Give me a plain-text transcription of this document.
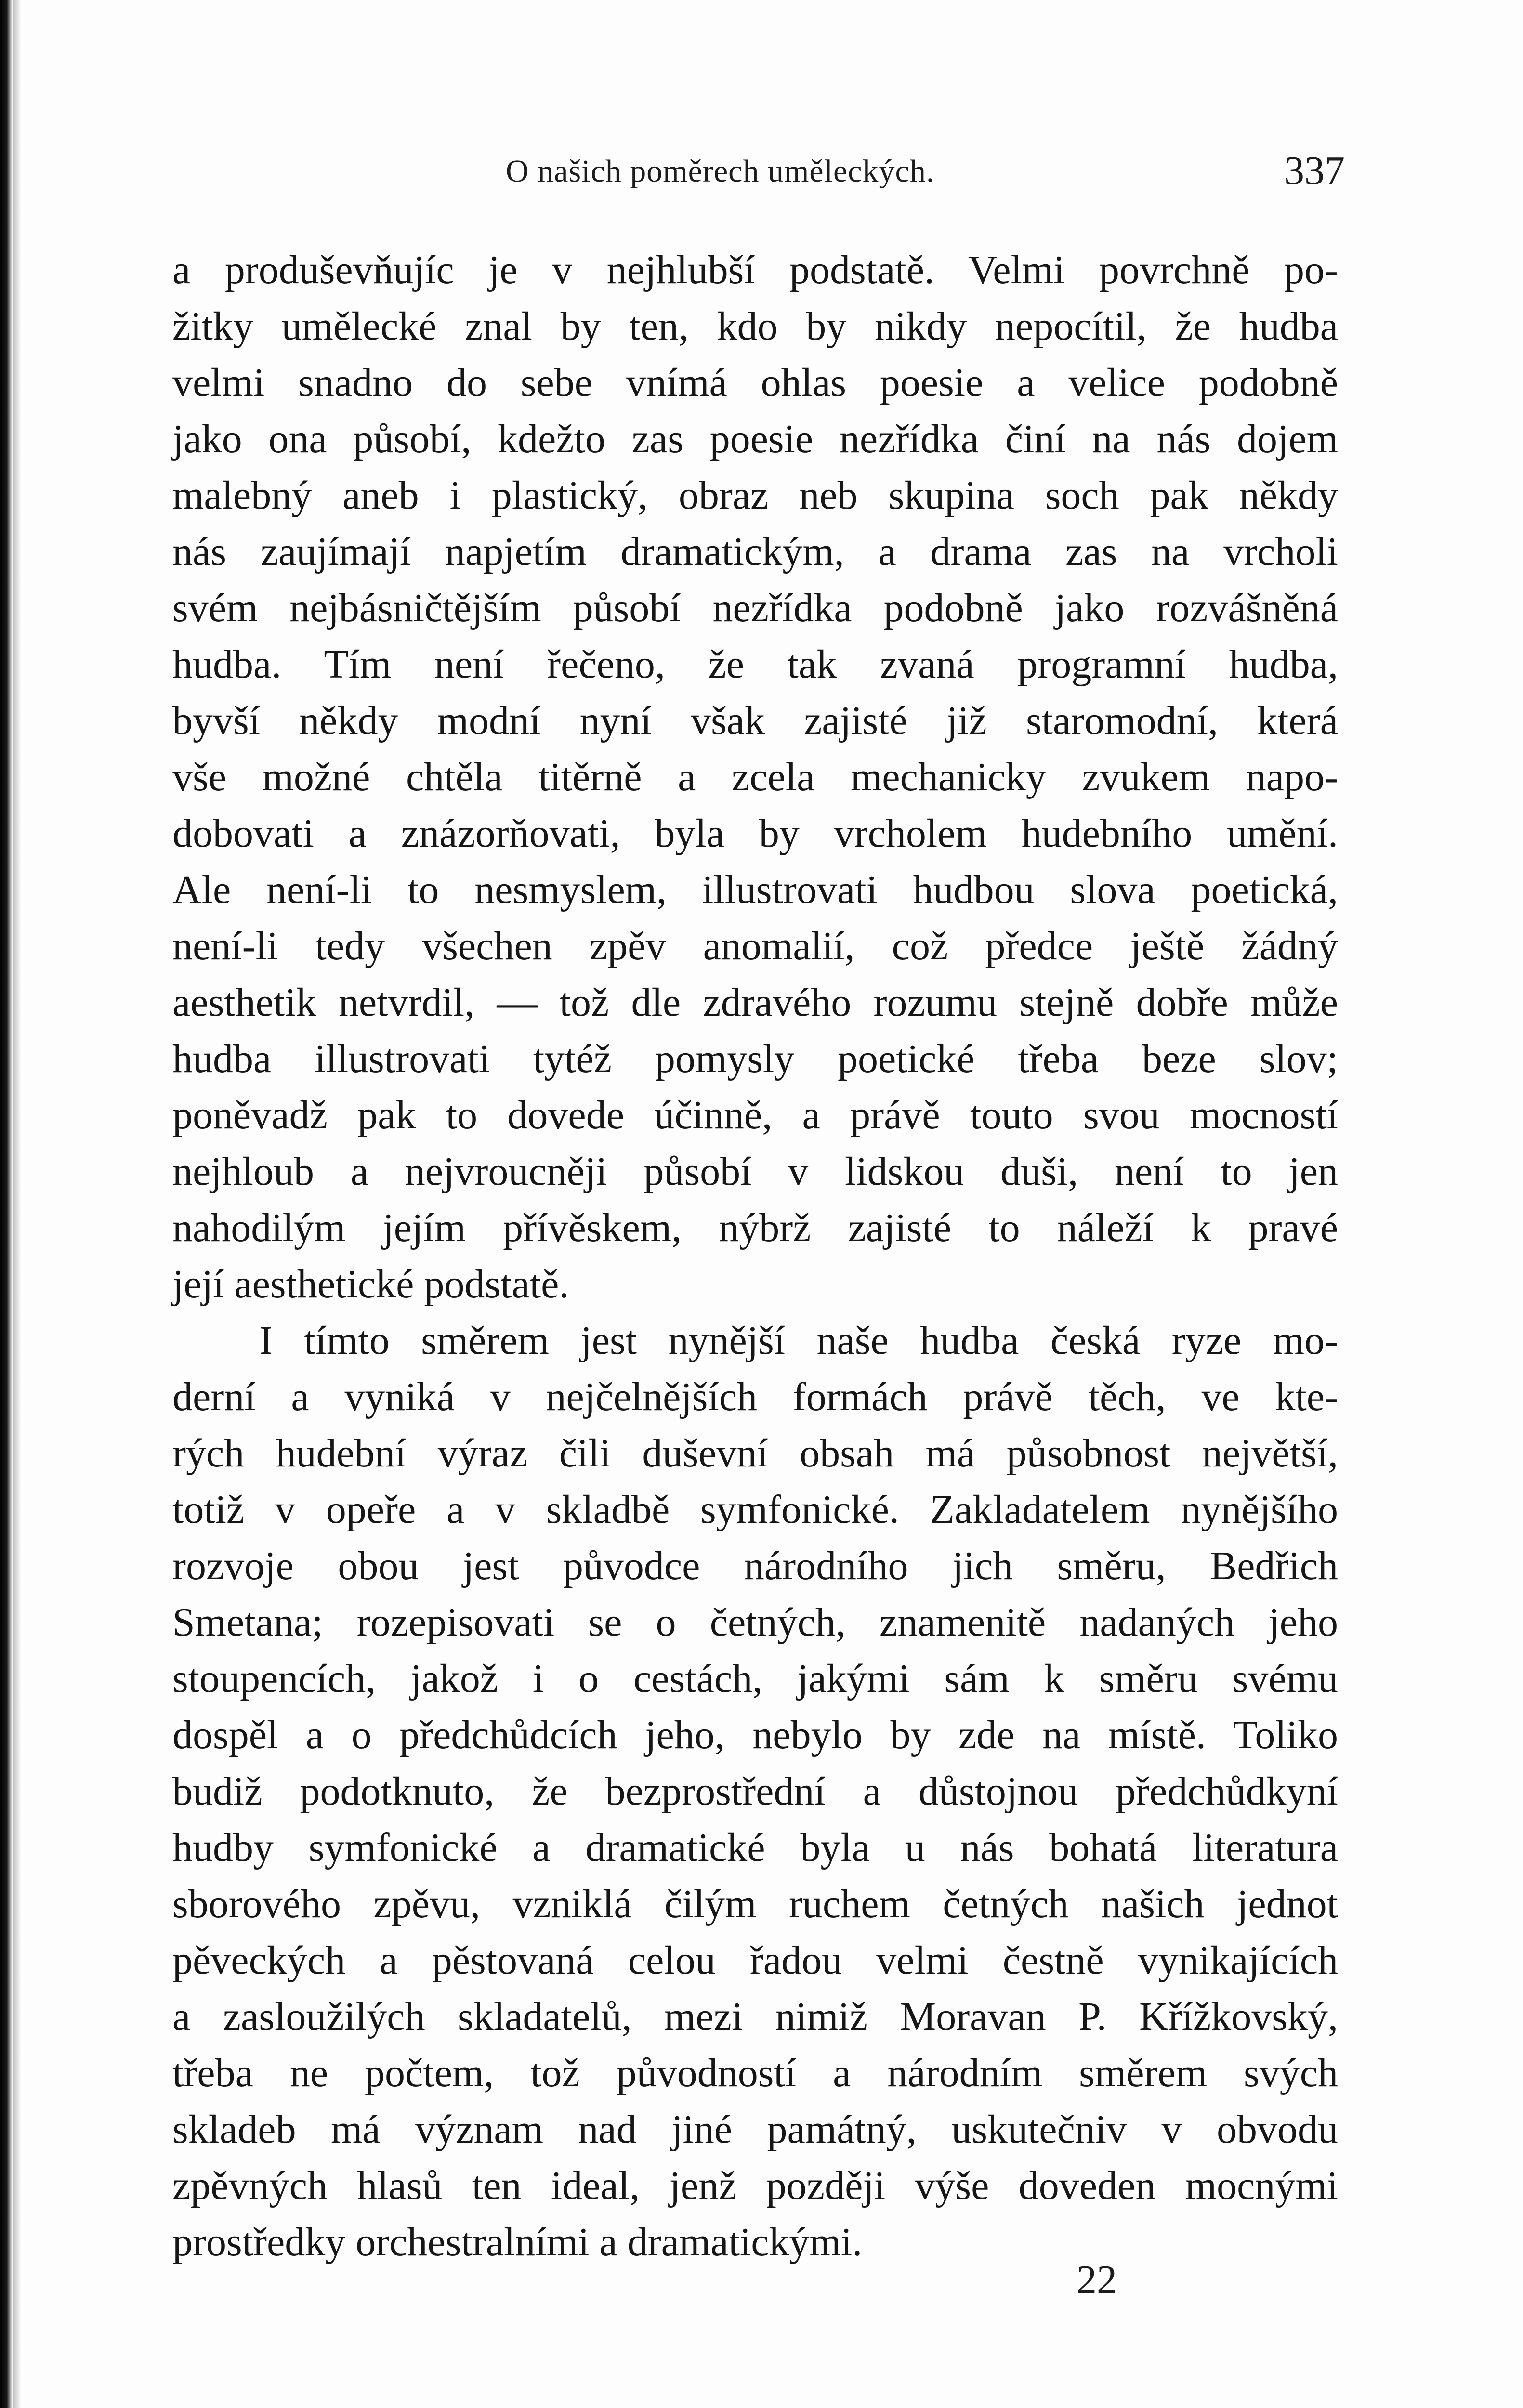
O našich poměrech uměleckých.	337
a produševňujíc je v nejhlubší podstatě. Velmi povrchně po-
žitky umělecké znal by ten, kdo by nikdy nepocítil, že hudba
velmi snadno do sebe vnímá ohlas poesie a velice podobně
jako ona působí, kdežto zas poesie nezřídka činí na nás dojem
malebný aneb i plastický, obraz neb skupina soch pak někdy
nás zaujímají napjetím dramatickým, a drama zas na vrcholi
svém nejbásničtějším působí nezřídka podobně jako rozvášněná
hudba. Tím není řečeno, že tak zvaná programní hudba,
byvší někdy modní nyní však zajisté již staromodní, která
vše možné chtěla titěrně a zcela mechanicky zvukem napo-
dobovati a znázorňovati, byla by vrcholem hudebního umění.
Ale není-li to nesmyslem, illustrovati hudbou slova poetická,
není-li tedy všechen zpěv anomalií, což předce ještě žádný
aesthetik netvrdil, — tož dle zdravého rozumu stejně dobře může
hudba illustrovati tytéž pomysly poetické třeba beze slov;
poněvadž pak to dovede účinně, a právě touto svou mocností
nejhloub a nejvroucněji působí v lidskou duši, není to jen
nahodilým jejím přívěskem, nýbrž zajisté to náleží k pravé
její aesthetické podstatě.
I tímto směrem jest nynější naše hudba česká ryze mo-
derní a vyniká v nejčelnějších formách právě těch, ve kte-
rých hudební výraz čili duševní obsah má působnost největší,
totiž v opeře a v skladbě symfonické. Zakladatelem nynějšího
rozvoje obou jest původce národního jich směru, Bedřich
Smetana; rozepisovati se o četných, znamenitě nadaných jeho
stoupencích, jakož i o cestách, jakými sám k směru svému
dospěl a o předchůdcích jeho, nebylo by zde na místě. Toliko
budiž podotknuto, že bezprostřední a důstojnou předchůdkyní
hudby symfonické a dramatické byla u nás bohatá literatura
sborového zpěvu, vzniklá čilým ruchem četných našich jednot
pěveckých a pěstovaná celou řadou velmi čestně vynikajících
a zasloužilých skladatelů, mezi nimiž Moravan P. Křížkovský,
třeba ne počtem, tož původností a národním směrem svých
skladeb má význam nad jiné památný, uskutečniv v obvodu
zpěvných hlasů ten ideal, jenž později výše doveden mocnými
prostředky orchestralními a dramatickými.
22
